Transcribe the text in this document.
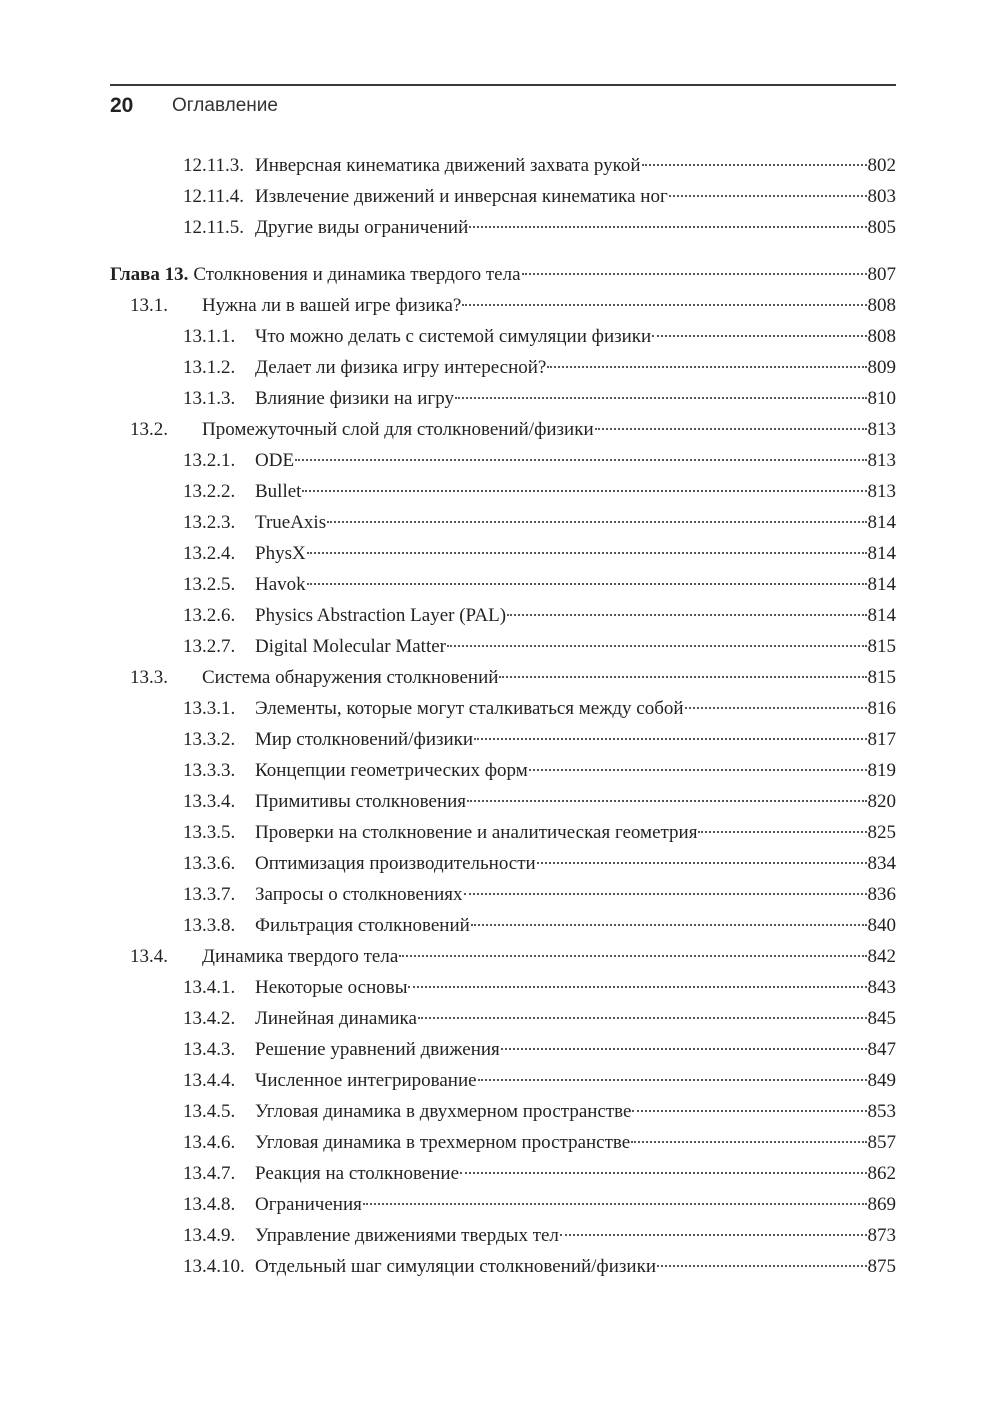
20 Оглавление
12.11.3. Инверсная кинематика движений захвата рукой	802
12.11.4. Извлечение движений и инверсная кинематика ног	803
12.11.5. Другие виды ограничений	805
Глава 13. Столкновения и динамика твердого тела	807
13.1.	Нужна ли в вашей игре физика?	808
13.1.1.	Что можно делать с системой симуляции физики	808
13.1.2.	Делает ли физика игру интересной?	809
13.1.3.	Влияние физики на игру	810
13.2.	Промежуточный слой для столкновений/физики	813
13.2.1.	ODE	813
13.2.2.	Bullet	813
13.2.3.	TrueAxis	814
13.2.4.	PhysX	814
13.2.5.	Havok	814
13.2.6.	Physics Abstraction Layer (PAL)	814
13.2.7.	Digital Molecular Matter	815
13.3.	Система обнаружения столкновений	815
13.3.1.	Элементы, которые могут сталкиваться между собой	816
13.3.2.	Мир столкновений/физики	817
13.3.3.	Концепции геометрических форм	819
13.3.4.	Примитивы столкновения	820
13.3.5.	Проверки на столкновение и аналитическая геометрия	825
13.3.6.	Оптимизация производительности	834
13.3.7.	Запросы о столкновениях	836
13.3.8.	Фильтрация столкновений	840
13.4.	Динамика твердого тела	842
13.4.1.	Некоторые основы	843
13.4.2.	Линейная динамика	845
13.4.3.	Решение уравнений движения	847
13.4.4.	Численное интегрирование	849
13.4.5.	Угловая динамика в двухмерном пространстве	853
13.4.6.	Угловая динамика в трехмерном пространстве	857
13.4.7.	Реакция на столкновение	862
13.4.8.	Ограничения	869
13.4.9.	Управление движениями твердых тел	873
13.4.10. Отдельный шаг симуляции столкновений/физики	875
